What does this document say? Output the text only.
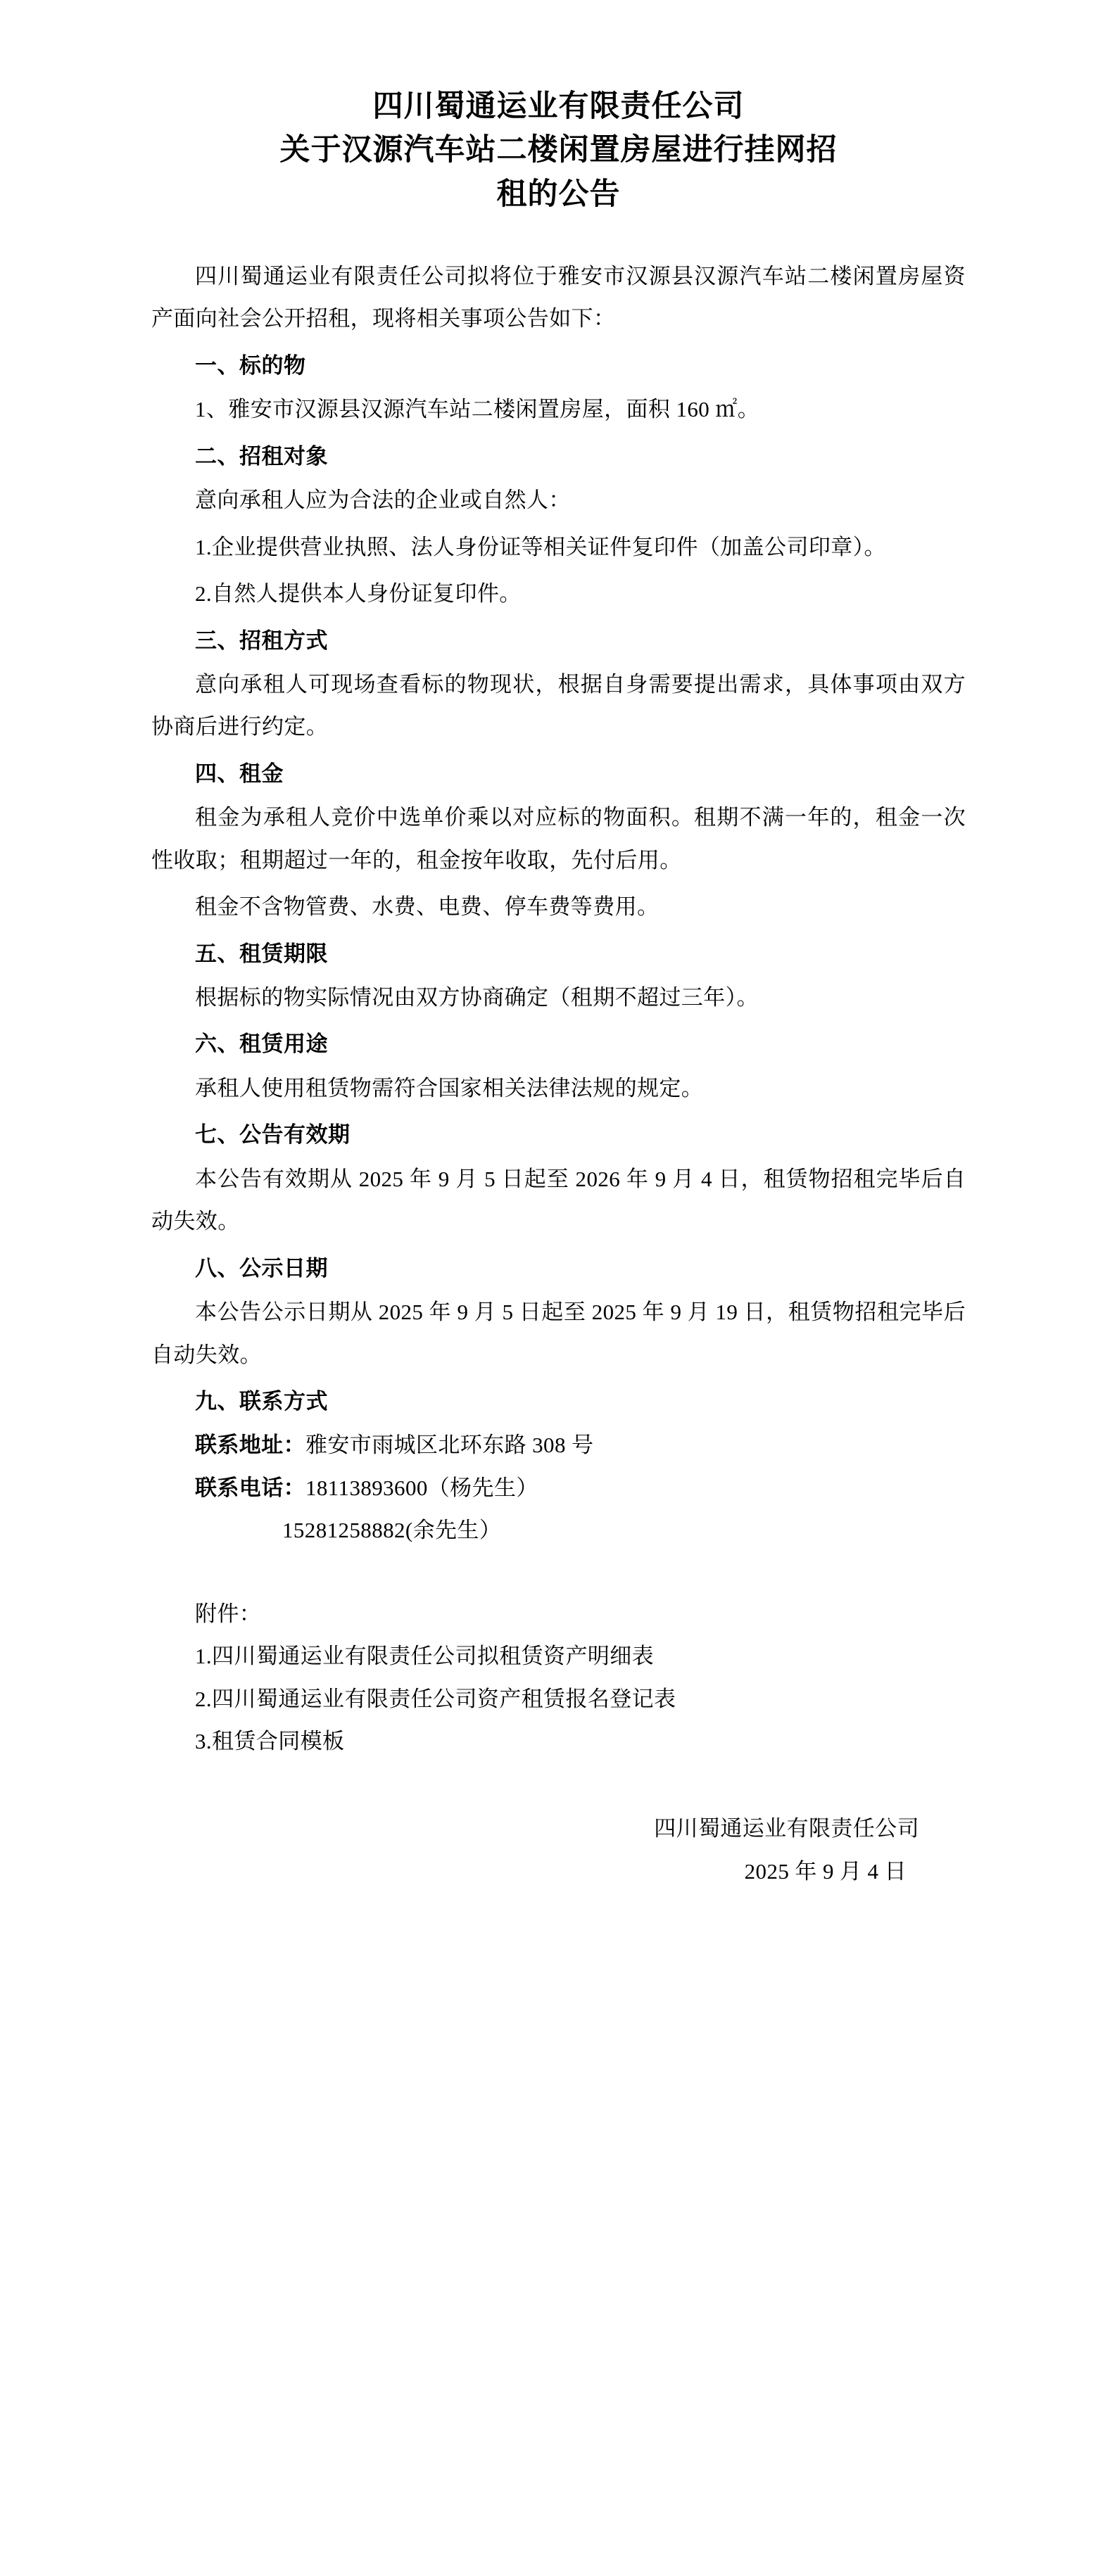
四川蜀通运业有限责任公司
关于汉源汽车站二楼闲置房屋进行挂网招
租的公告

四川蜀通运业有限责任公司拟将位于雅安市汉源县汉源汽车站二楼闲置房屋资产面向社会公开招租，现将相关事项公告如下：

一、标的物

1、雅安市汉源县汉源汽车站二楼闲置房屋，面积 160 ㎡。

二、招租对象

意向承租人应为合法的企业或自然人：

1.企业提供营业执照、法人身份证等相关证件复印件（加盖公司印章）。

2.自然人提供本人身份证复印件。

三、招租方式

意向承租人可现场查看标的物现状，根据自身需要提出需求，具体事项由双方协商后进行约定。

四、租金

租金为承租人竞价中选单价乘以对应标的物面积。租期不满一年的，租金一次性收取；租期超过一年的，租金按年收取，先付后用。

租金不含物管费、水费、电费、停车费等费用。

五、租赁期限

根据标的物实际情况由双方协商确定（租期不超过三年）。

六、租赁用途

承租人使用租赁物需符合国家相关法律法规的规定。

七、公告有效期

本公告有效期从 2025 年 9 月 5 日起至 2026 年 9 月 4 日，租赁物招租完毕后自动失效。

八、公示日期

本公告公示日期从 2025 年 9 月 5 日起至 2025 年 9 月 19 日，租赁物招租完毕后自动失效。

九、联系方式

联系地址：雅安市雨城区北环东路 308 号

联系电话：18113893600（杨先生）

15281258882(余先生）

附件：

1.四川蜀通运业有限责任公司拟租赁资产明细表

2.四川蜀通运业有限责任公司资产租赁报名登记表

3.租赁合同模板

四川蜀通运业有限责任公司
2025 年 9 月 4 日
